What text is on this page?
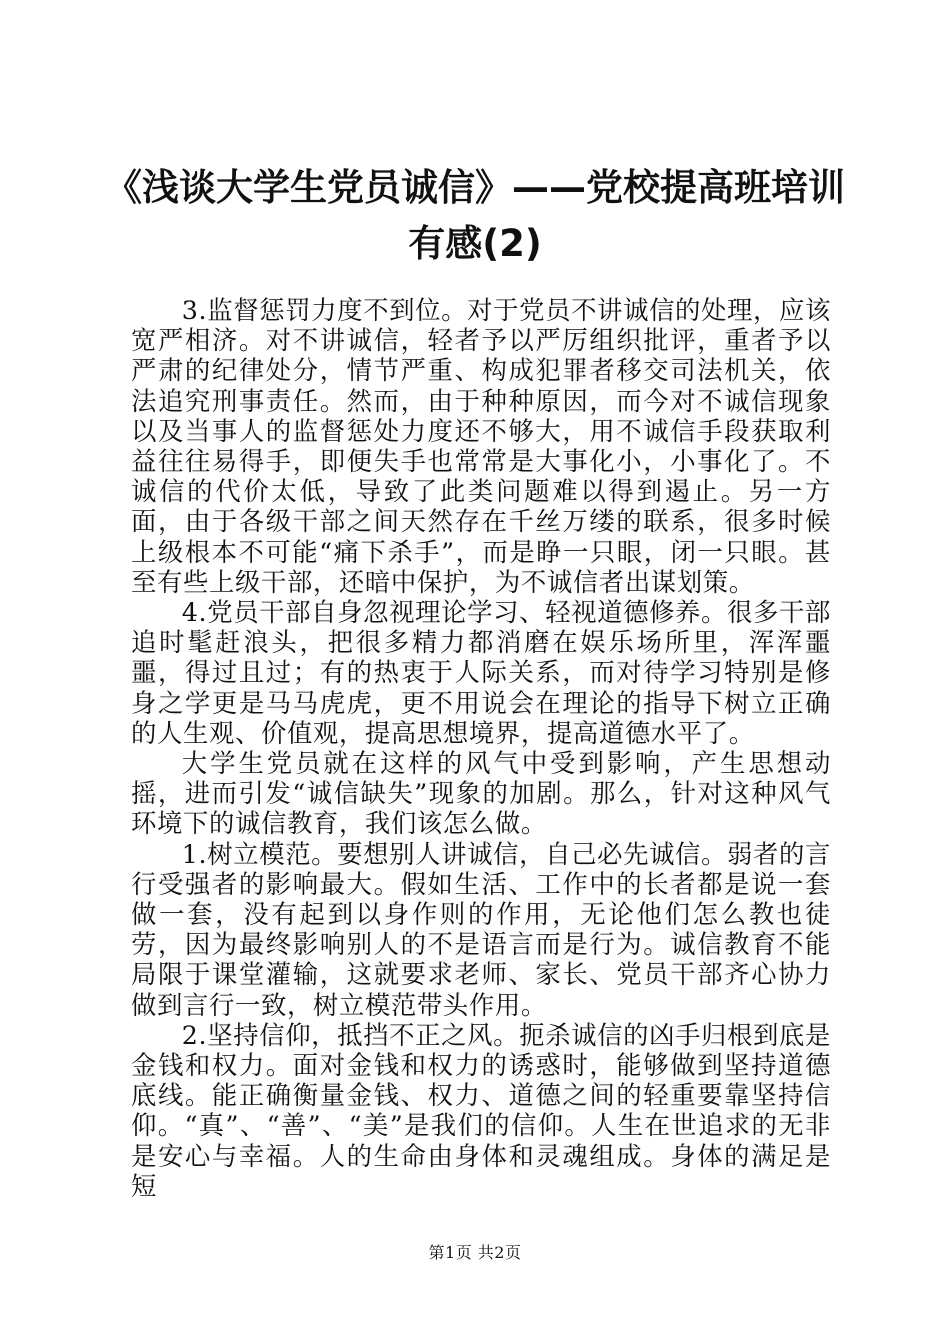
《浅谈大学生党员诚信》——党校提高班培训
有感(2)

3.监督惩罚力度不到位。对于党员不讲诚信的处理，应该宽严相济。对不讲诚信，轻者予以严厉组织批评，重者予以严肃的纪律处分，情节严重、构成犯罪者移交司法机关，依法追究刑事责任。然而，由于种种原因，而今对不诚信现象以及当事人的监督惩处力度还不够大，用不诚信手段获取利益往往易得手，即便失手也常常是大事化小，小事化了。不诚信的代价太低，导致了此类问题难以得到遏止。另一方面，由于各级干部之间天然存在千丝万缕的联系，很多时候上级根本不可能“痛下杀手”，而是睁一只眼，闭一只眼。甚至有些上级干部，还暗中保护，为不诚信者出谋划策。

4.党员干部自身忽视理论学习、轻视道德修养。很多干部追时髦赶浪头，把很多精力都消磨在娱乐场所里，浑浑噩噩，得过且过；有的热衷于人际关系，而对待学习特别是修身之学更是马马虎虎，更不用说会在理论的指导下树立正确的人生观、价值观，提高思想境界，提高道德水平了。

大学生党员就在这样的风气中受到影响，产生思想动摇，进而引发“诚信缺失”现象的加剧。那么，针对这种风气环境下的诚信教育，我们该怎么做。

1.树立模范。要想别人讲诚信，自己必先诚信。弱者的言行受强者的影响最大。假如生活、工作中的长者都是说一套做一套，没有起到以身作则的作用，无论他们怎么教也徒劳，因为最终影响别人的不是语言而是行为。诚信教育不能局限于课堂灌输，这就要求老师、家长、党员干部齐心协力做到言行一致，树立模范带头作用。

2.坚持信仰，抵挡不正之风。扼杀诚信的凶手归根到底是金钱和权力。面对金钱和权力的诱惑时，能够做到坚持道德底线。能正确衡量金钱、权力、道德之间的轻重要靠坚持信仰。“真”、“善”、“美”是我们的信仰。人生在世追求的无非是安心与幸福。人的生命由身体和灵魂组成。身体的满足是短

第1页 共2页
